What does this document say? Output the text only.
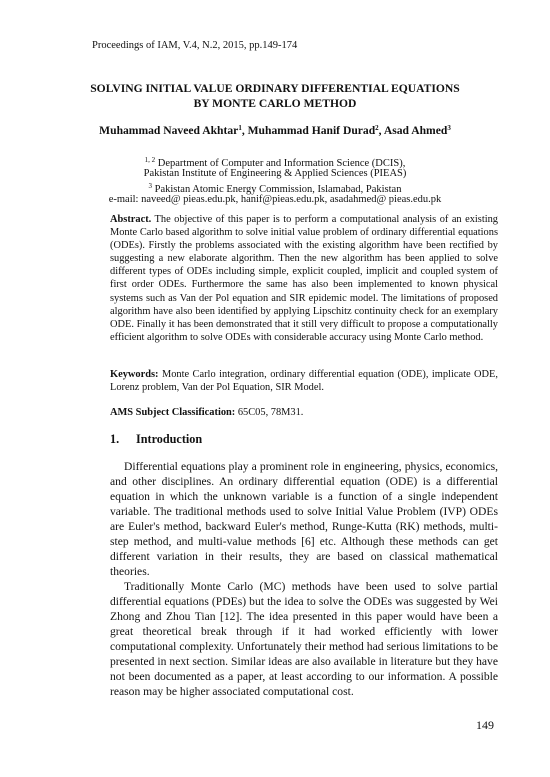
Proceedings of IAM, V.4, N.2, 2015, pp.149-174
SOLVING INITIAL VALUE ORDINARY DIFFERENTIAL EQUATIONS
BY MONTE CARLO METHOD
Muhammad Naveed Akhtar$^1$, Muhammad Hanif Durad$^2$, Asad Ahmed$^3$
$^{1, 2}$ Department of Computer and Information Science (DCIS),
Pakistan Institute of Engineering & Applied Sciences (PIEAS)
$^3$ Pakistan Atomic Energy Commission, Islamabad, Pakistan
e-mail: naveed@ pieas.edu.pk, hanif@pieas.edu.pk, asadahmed@ pieas.edu.pk
Abstract. The objective of this paper is to perform a computational analysis of an existing Monte Carlo based algorithm to solve initial value problem of ordinary differential equations (ODEs). Firstly the problems associated with the existing algorithm have been rectified by suggesting a new elaborate algorithm. Then the new algorithm has been applied to solve different types of ODEs including simple, explicit coupled, implicit and coupled system of first order ODEs. Furthermore the same has also been implemented to known physical systems such as Van der Pol equation and SIR epidemic model. The limitations of proposed algorithm have also been identified by applying Lipschitz continuity check for an exemplary ODE. Finally it has been demonstrated that it still very difficult to propose a computationally efficient algorithm to solve ODEs with considerable accuracy using Monte Carlo method.
Keywords: Monte Carlo integration, ordinary differential equation (ODE), implicate ODE, Lorenz problem, Van der Pol Equation, SIR Model.
AMS Subject Classification: 65C05, 78M31.
1. Introduction

Differential equations play a prominent role in engineering, physics, economics, and other disciplines. An ordinary differential equation (ODE) is a differential equation in which the unknown variable is a function of a single independent variable. The traditional methods used to solve Initial Value Problem (IVP) ODEs are Euler's method, backward Euler's method, Runge-Kutta (RK) methods, multi-step method, and multi-value methods [6] etc. Although these methods can get different variation in their results, they are based on classical mathematical theories.

Traditionally Monte Carlo (MC) methods have been used to solve partial differential equations (PDEs) but the idea to solve the ODEs was suggested by Wei Zhong and Zhou Tian [12]. The idea presented in this paper would have been a great theoretical break through if it had worked efficiently with lower computational complexity. Unfortunately their method had serious limitations to be presented in next section. Similar ideas are also available in literature but they have not been documented as a paper, at least according to our information. A possible reason may be higher associated computational cost.

149
